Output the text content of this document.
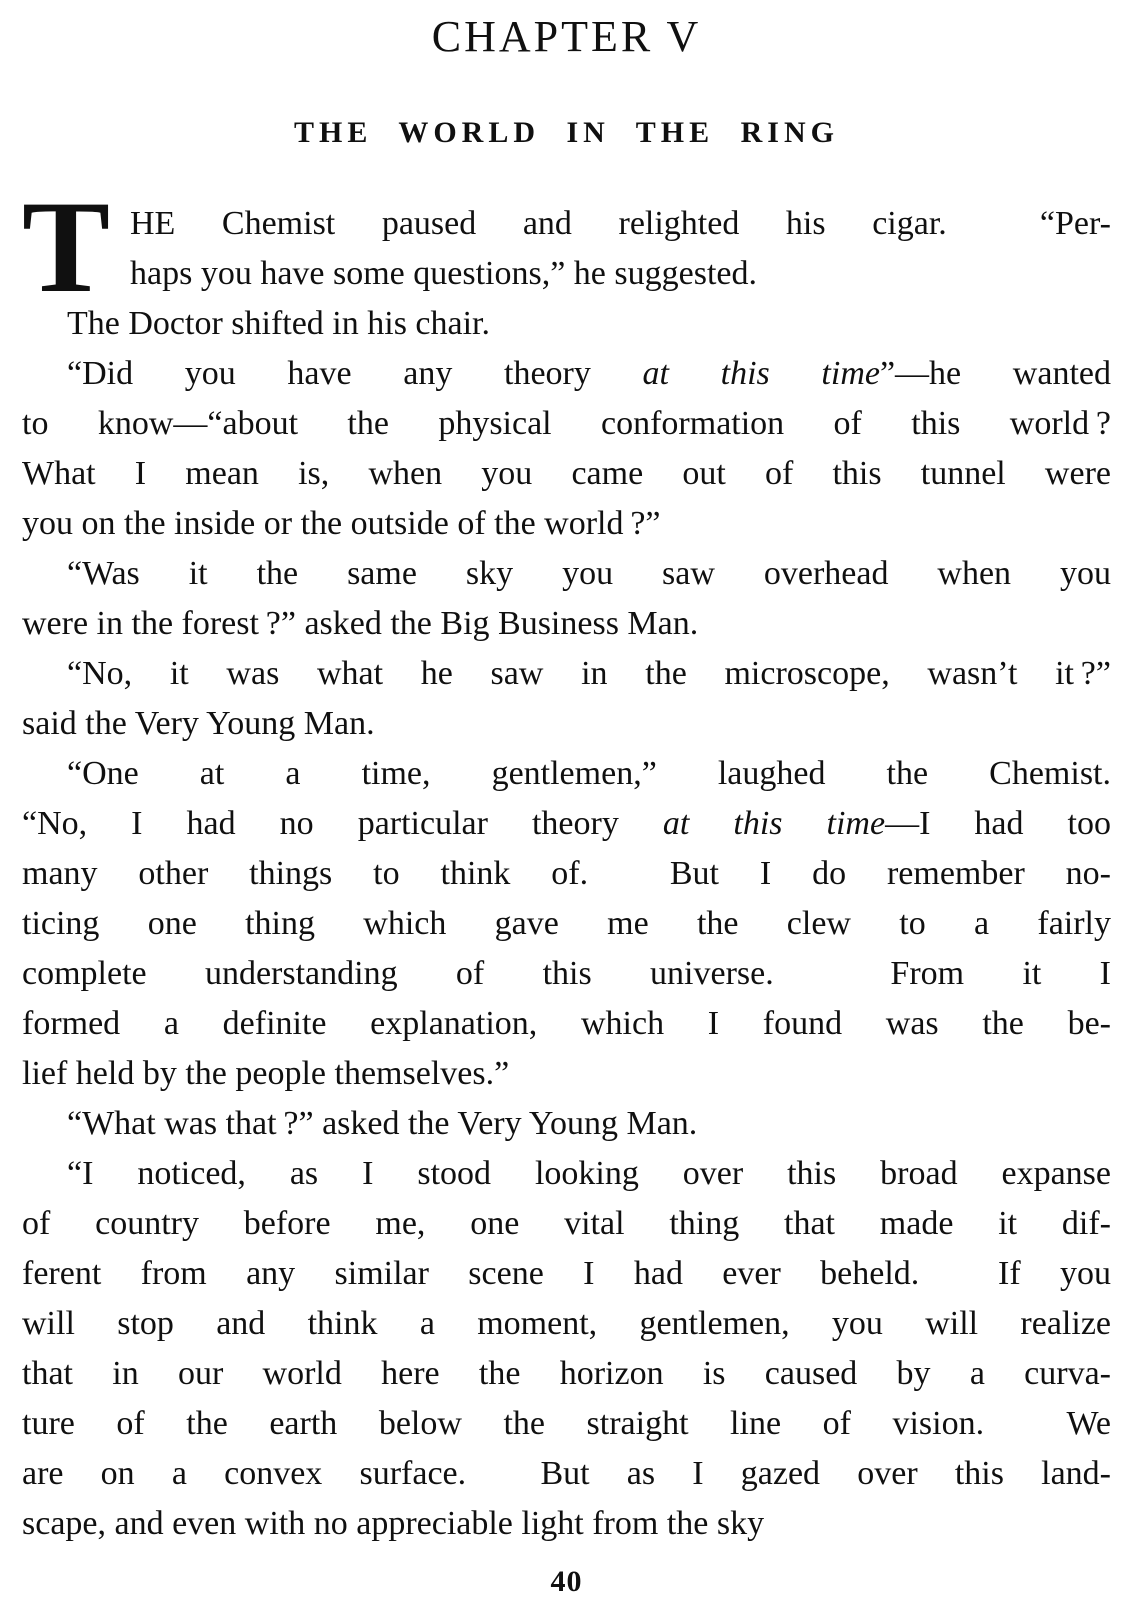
CHAPTER V
THE WORLD IN THE RING
T HE Chemist paused and relighted his cigar.  “Per-
haps you have some questions,” he suggested.
The Doctor shifted in his chair.
“Did you have any theory at this time”—he wanted
to know—“about the physical conformation of this world ?
What I mean is, when you came out of this tunnel were
you on the inside or the outside of the world ?”
“Was it the same sky you saw overhead when you
were in the forest ?” asked the Big Business Man.
“No, it was what he saw in the microscope, wasn’t it ?”
said the Very Young Man.
“One at a time, gentlemen,” laughed the Chemist.
“No, I had no particular theory at this time—I had too
many other things to think of.  But I do remember no-
ticing one thing which gave me the clew to a fairly
complete understanding of this universe.  From it I
formed a definite explanation, which I found was the be-
lief held by the people themselves.”
“What was that ?” asked the Very Young Man.
“I noticed, as I stood looking over this broad expanse
of country before me, one vital thing that made it dif-
ferent from any similar scene I had ever beheld.  If you
will stop and think a moment, gentlemen, you will realize
that in our world here the horizon is caused by a curva-
ture of the earth below the straight line of vision.  We
are on a convex surface.  But as I gazed over this land-
scape, and even with no appreciable light from the sky
40
